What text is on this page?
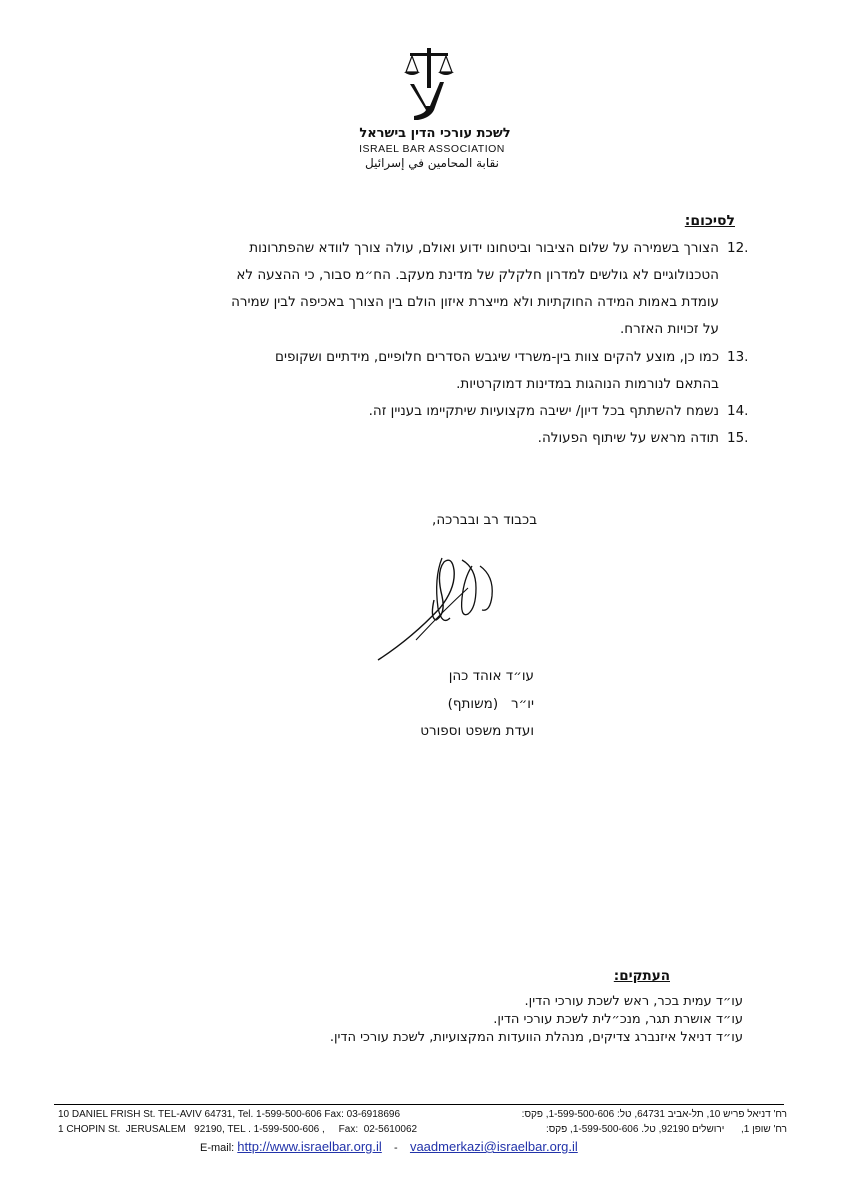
לשכת עורכי הדין בישראל
ISRAEL BAR ASSOCIATION
نقابة المحامين في إسرائيل
לסיכום:
12.
הצורך בשמירה על שלום הציבור וביטחונו ידוע ואולם, עולה צורך לוודא שהפתרונות
הטכנולוגיים לא גולשים למדרון חלקלק של מדינת מעקב. הח״מ סבור, כי ההצעה לא
עומדת באמות המידה החוקתיות ולא מייצרת איזון הולם בין הצורך באכיפה לבין שמירה
על זכויות האזרח.
13.
כמו כן, מוצע להקים צוות בין-משרדי שיגבש הסדרים חלופיים, מידתיים ושקופים
בהתאם לנורמות הנוהגות במדינות דמוקרטיות.
14.
נשמח להשתתף בכל דיון/ ישיבה מקצועיות שיתקיימו בעניין זה.
15.
תודה מראש על שיתוף הפעולה.
בכבוד רב ובברכה,
עו״ד אוהד כהן
יו״ר   (משותף)
ועדת משפט וספורט
העתקים:
עו״ד עמית בכר, ראש לשכת עורכי הדין.
עו״ד אושרת תגר, מנכ״לית לשכת עורכי הדין.
עו״ד דניאל איזנברג צדיקים, מנהלת הוועדות המקצועיות, לשכת עורכי הדין.
10 DANIEL FRISH St. TEL-AVIV 64731, Tel. 1-599-500-606 Fax: 03-6918696	רח' דניאל פריש 10, תל-אביב 64731, טל: 1-599-500-606, פקס:
1 CHOPIN St.  JERUSALEM   92190, TEL . 1-599-500-606 ,     Fax:  02-5610062	רח' שופן 1,      ירושלים 92190, טל. 1-599-500-606, פקס:
E-mail: http://www.israelbar.org.il - vaadmerkazi@israelbar.org.il
